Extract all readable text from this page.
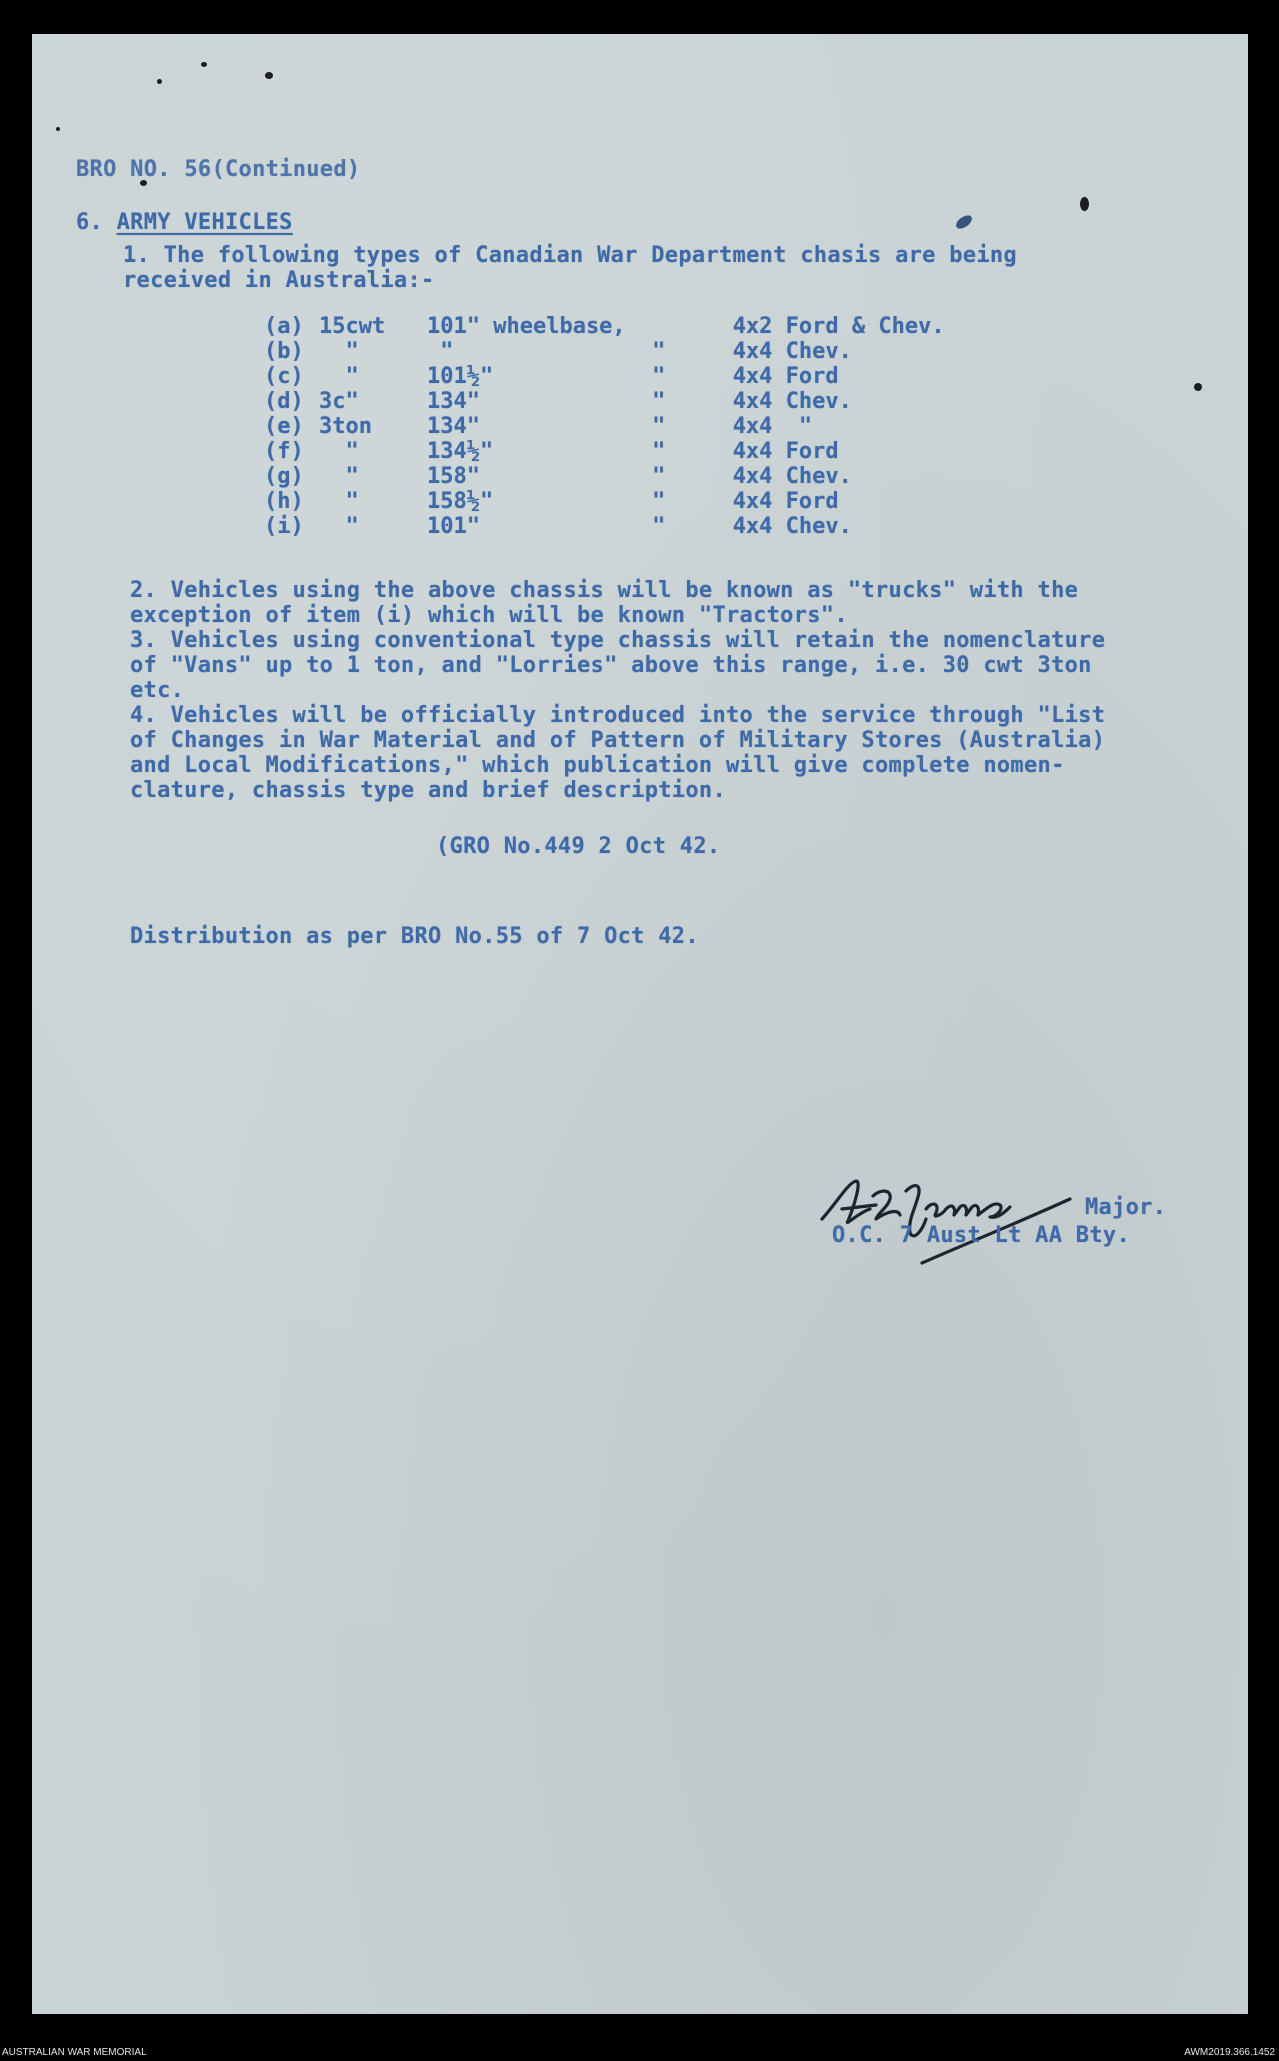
BRO NO. 56(Continued)
6. ARMY VEHICLES
1. The following types of Canadian War Department chasis are being

received in Australia:-
(a)	15cwt	101" wheelbase,		4x2 Ford & Chev.
(b)	"	"	"	4x4 Chev.
(c)	"	101½"	"	4x4 Ford
(d)	3c"	134"	"	4x4 Chev.
(e)	3ton	134"	"	4x4  "
(f)	"	134½"	"	4x4 Ford
(g)	"	158"	"	4x4 Chev.
(h)	"	158½"	"	4x4 Ford
(i)	"	101"	"	4x4 Chev.
2. Vehicles using the above chassis will be known as "trucks" with the
exception of item (i) which will be known "Tractors".
3. Vehicles using conventional type chassis will retain the nomenclature
of "Vans" up to 1 ton, and "Lorries" above this range, i.e. 30 cwt 3ton
etc.
4. Vehicles will be officially introduced into the service through "List
of Changes in War Material and of Pattern of Military Stores (Australia)
and Local Modifications," which publication will give complete nomen-
clature, chassis type and brief description.
(GRO No.449 2 Oct 42.
Distribution as per BRO No.55 of 7 Oct 42.
Major.
O.C. 7 Aust Lt AA Bty.
AUSTRALIAN WAR MEMORIAL	AWM2019.366.1452
